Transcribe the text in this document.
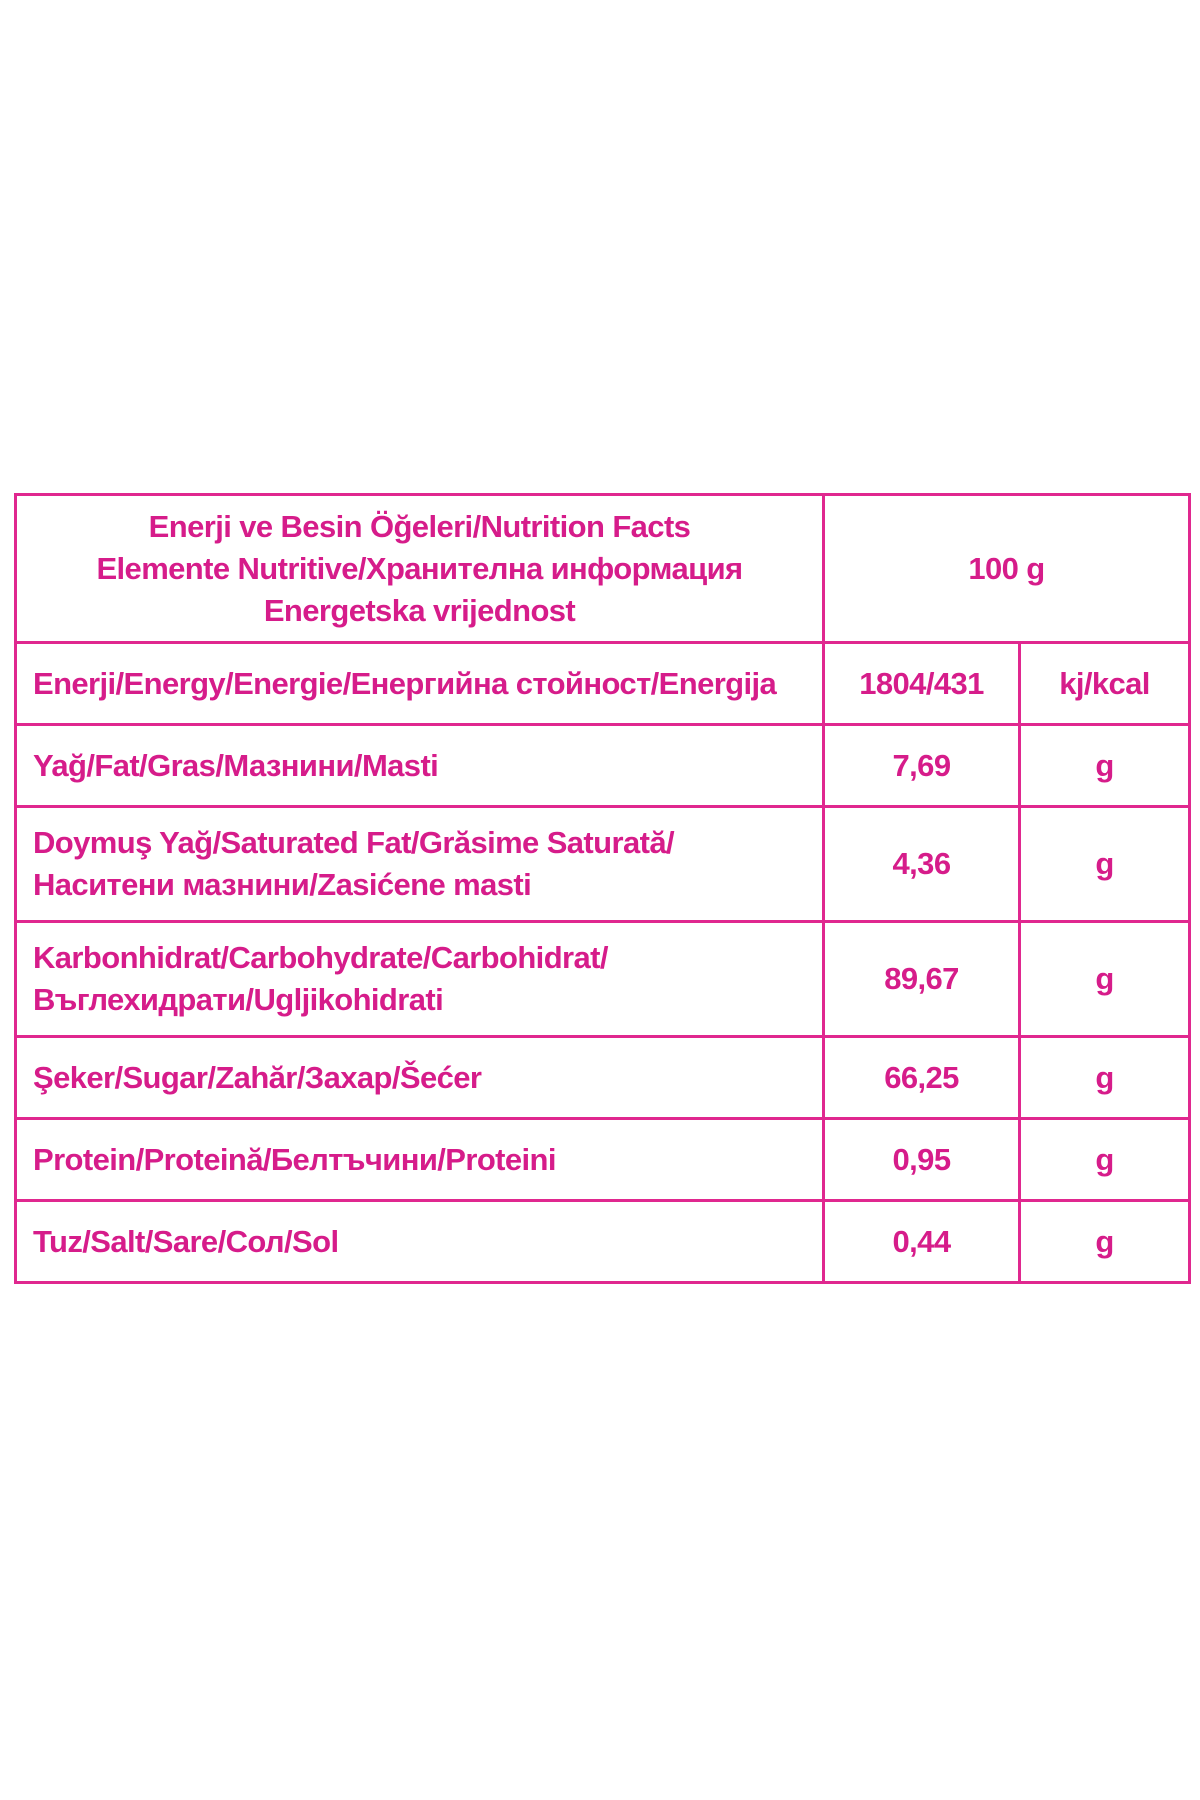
Enerji ve Besin Öğeleri/Nutrition Facts
Elemente Nutritive/Хранителна информация
Energetska vrijednost	100 g	

Enerji/Energy/Energie/Енергийна стойност/Energija	1804/431	kj/kcal

Yağ/Fat/Gras/Мазнини/Masti	7,69	g

Doymuş Yağ/Saturated Fat/Grăsime Saturată/
Наситени мазнини/Zasićene masti	4,36	g

Karbonhidrat/Carbohydrate/Carbohidrat/
Въглехидрати/Ugljikohidrati	89,67	g

Şeker/Sugar/Zahăr/Захар/Šećer	66,25	g

Protein/Proteină/Белтъчини/Proteini	0,95	g

Tuz/Salt/Sare/Сол/Sol	0,44	g
